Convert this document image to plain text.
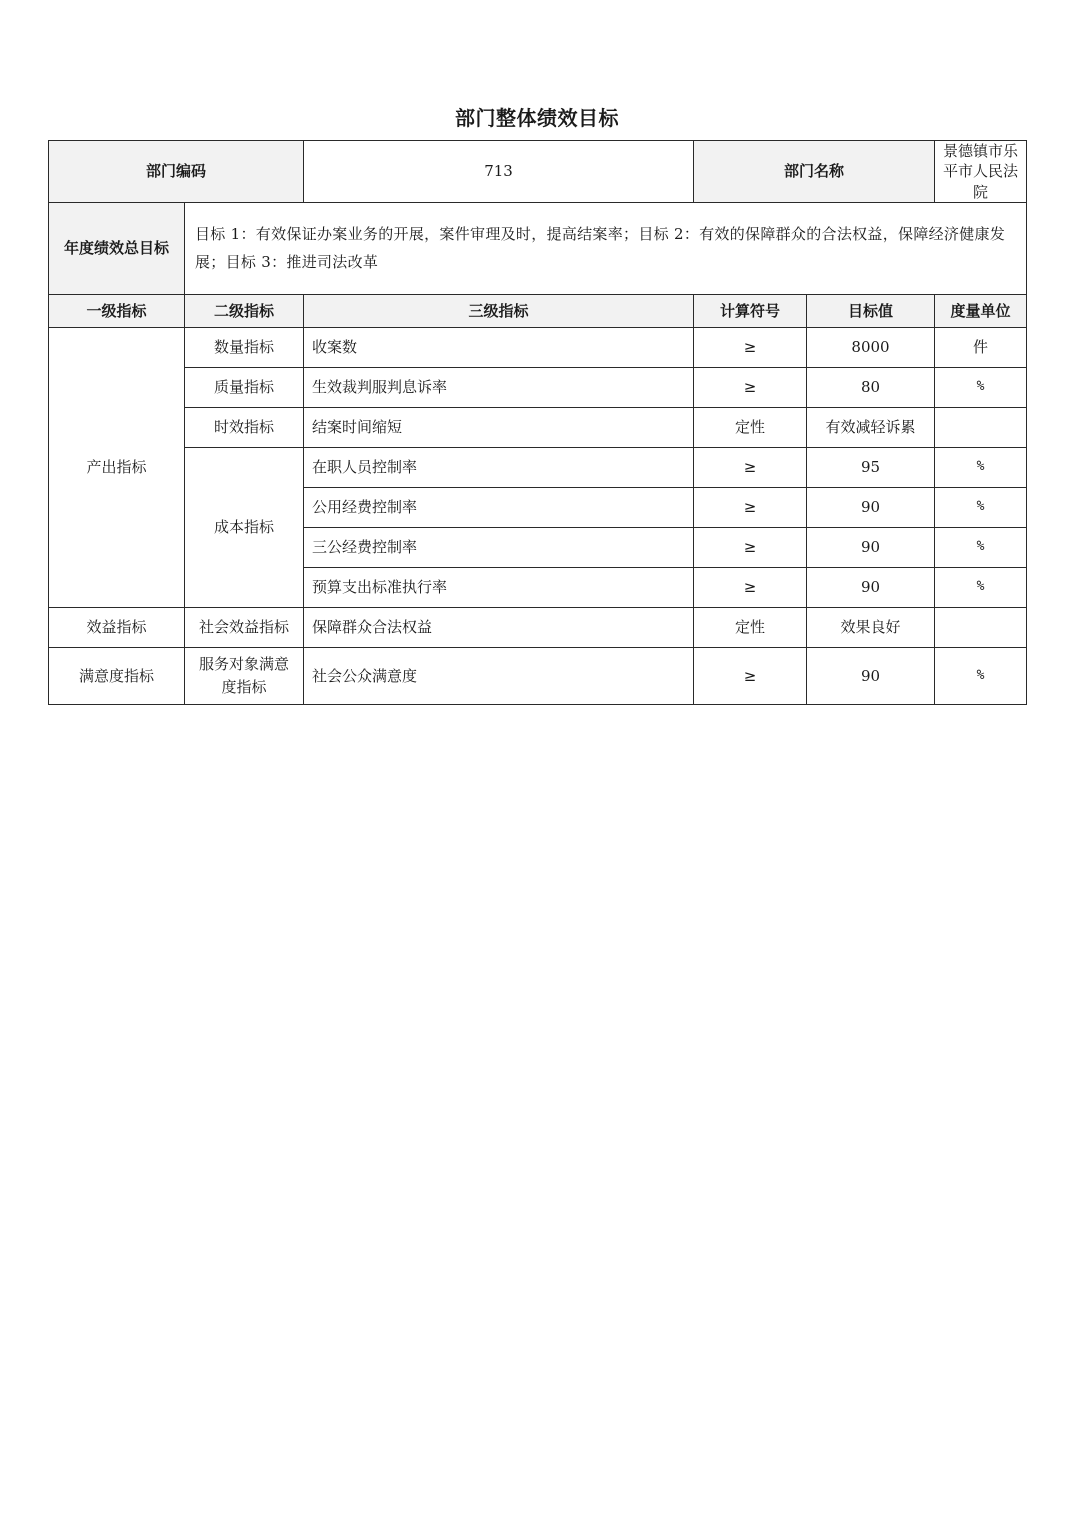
部门整体绩效目标
部门编码		713	部门名称		景德镇市乐平市人民法院
年度绩效总目标	目标 1：有效保证办案业务的开展，案件审理及时，提高结案率；目标 2：有效的保障群众的合法权益，保障经济健康发展；目标 3：推进司法改革				
一级指标	二级指标	三级指标	计算符号	目标值	度量单位
产出指标	数量指标	收案数	≥	8000	件
	质量指标	生效裁判服判息诉率	≥	80	%
	时效指标	结案时间缩短	定性	有效减轻诉累	
	成本指标	在职人员控制率	≥	95	%
		公用经费控制率	≥	90	%
		三公经费控制率	≥	90	%
		预算支出标准执行率	≥	90	%
效益指标	社会效益指标	保障群众合法权益	定性	效果良好	
满意度指标	服务对象满意度指标	社会公众满意度	≥	90	%
